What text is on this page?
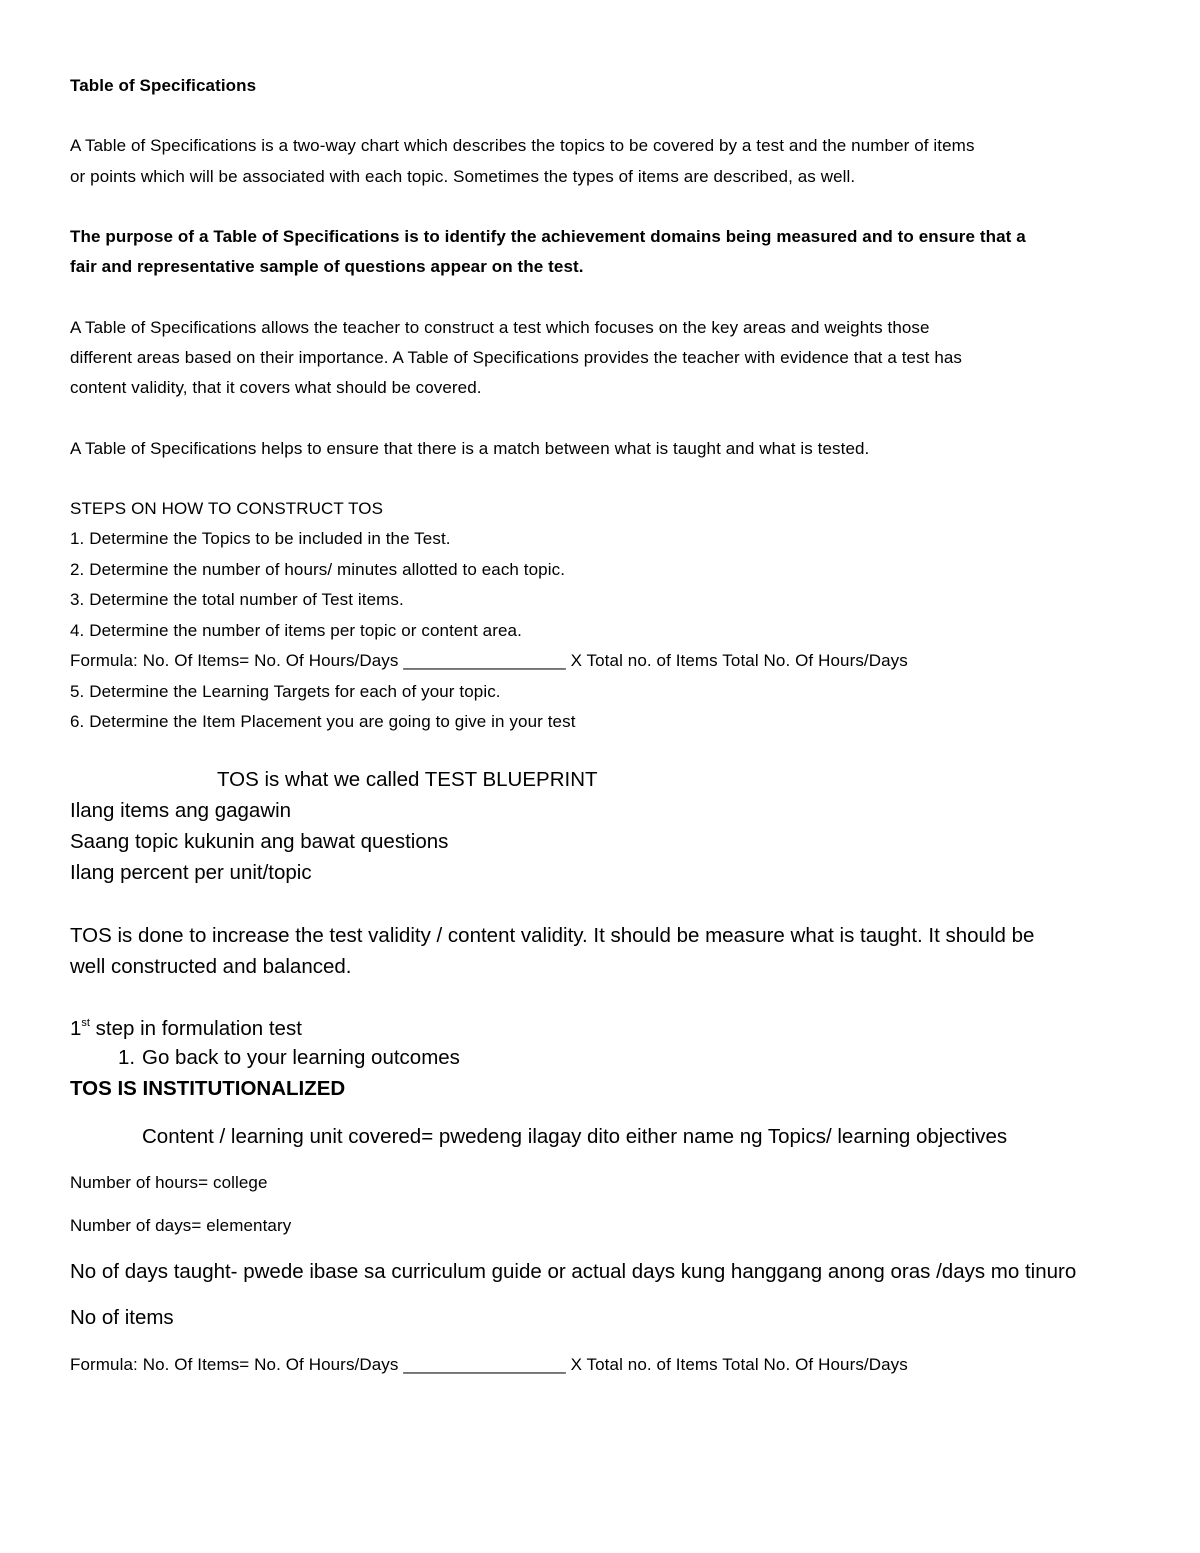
Table of Specifications

A Table of Specifications is a two-way chart which describes the topics to be covered by a test and the number of items

or points which will be associated with each topic. Sometimes the types of items are described, as well.

The purpose of a Table of Specifications is to identify the achievement domains being measured and to ensure that a

fair and representative sample of questions appear on the test.

A Table of Specifications allows the teacher to construct a test which focuses on the key areas and weights those

different areas based on their importance. A Table of Specifications provides the teacher with evidence that a test has

content validity, that it covers what should be covered.

A Table of Specifications helps to ensure that there is a match between what is taught and what is tested.

STEPS ON HOW TO CONSTRUCT TOS

1. Determine the Topics to be included in the Test.

2. Determine the number of hours/ minutes allotted to each topic.

3. Determine the total number of Test items.

4. Determine the number of items per topic or content area.

Formula: No. Of Items= No. Of Hours/Days _________________ X Total no. of Items Total No. Of Hours/Days

5. Determine the Learning Targets for each of your topic.

6. Determine the Item Placement you are going to give in your test

TOS is what we called TEST BLUEPRINT

Ilang items ang gagawin

Saang topic kukunin ang bawat questions

Ilang percent per unit/topic

TOS is done to increase the test validity / content validity. It should be measure what is taught. It should be

well constructed and balanced.

1st step in formulation test

1. Go back to your learning outcomes

TOS IS INSTITUTIONALIZED

Content / learning unit covered= pwedeng ilagay dito either name ng Topics/ learning objectives

Number of hours= college

Number of days= elementary

No of days taught- pwede ibase sa curriculum guide or actual days kung hanggang anong oras /days mo tinuro

No of items

Formula: No. Of Items= No. Of Hours/Days _________________ X Total no. of Items Total No. Of Hours/Days
